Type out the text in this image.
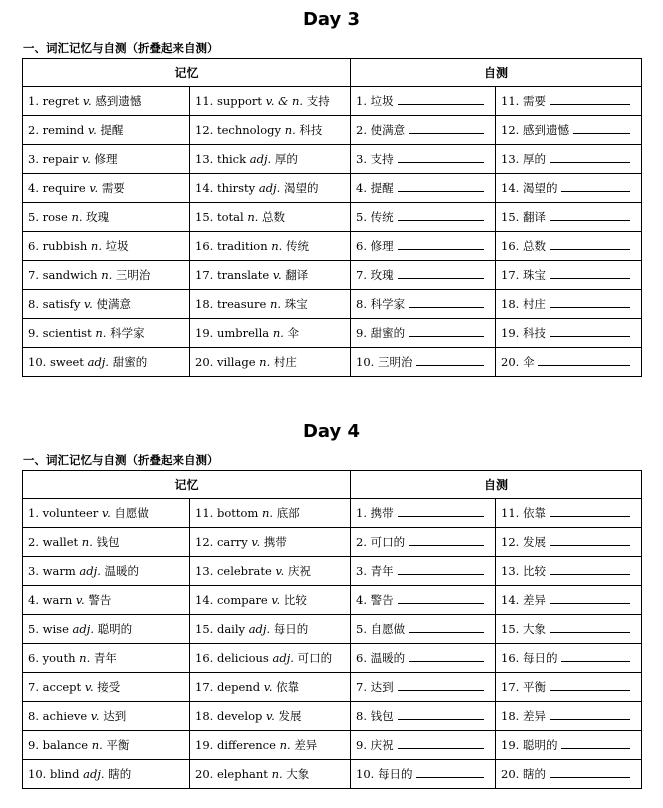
Day 3
一、词汇记忆与自测（折叠起来自测）
记忆		自测	
1. regret v. 感到遗憾	11. support v. & n. 支持	1. 垃圾	11. 需要
2. remind v. 提醒	12. technology n. 科技	2. 使满意	12. 感到遗憾
3. repair v. 修理	13. thick adj. 厚的	3. 支持	13. 厚的
4. require v. 需要	14. thirsty adj. 渴望的	4. 提醒	14. 渴望的
5. rose n. 玫瑰	15. total n. 总数	5. 传统	15. 翻译
6. rubbish n. 垃圾	16. tradition n. 传统	6. 修理	16. 总数
7. sandwich n. 三明治	17. translate v. 翻译	7. 玫瑰	17. 珠宝
8. satisfy v. 使满意	18. treasure n. 珠宝	8. 科学家	18. 村庄
9. scientist n. 科学家	19. umbrella n. 伞	9. 甜蜜的	19. 科技
10. sweet adj. 甜蜜的	20. village n. 村庄	10. 三明治	20. 伞
Day 4
一、词汇记忆与自测（折叠起来自测）
记忆		自测	
1. volunteer v. 自愿做	11. bottom n. 底部	1. 携带	11. 依靠
2. wallet n. 钱包	12. carry v. 携带	2. 可口的	12. 发展
3. warm adj. 温暖的	13. celebrate v. 庆祝	3. 青年	13. 比较
4. warn v. 警告	14. compare v. 比较	4. 警告	14. 差异
5. wise adj. 聪明的	15. daily adj. 每日的	5. 自愿做	15. 大象
6. youth n. 青年	16. delicious adj. 可口的	6. 温暖的	16. 每日的
7. accept v. 接受	17. depend v. 依靠	7. 达到	17. 平衡
8. achieve v. 达到	18. develop v. 发展	8. 钱包	18. 差异
9. balance n. 平衡	19. difference n. 差异	9. 庆祝	19. 聪明的
10. blind adj. 瞎的	20. elephant n. 大象	10. 每日的	20. 瞎的
